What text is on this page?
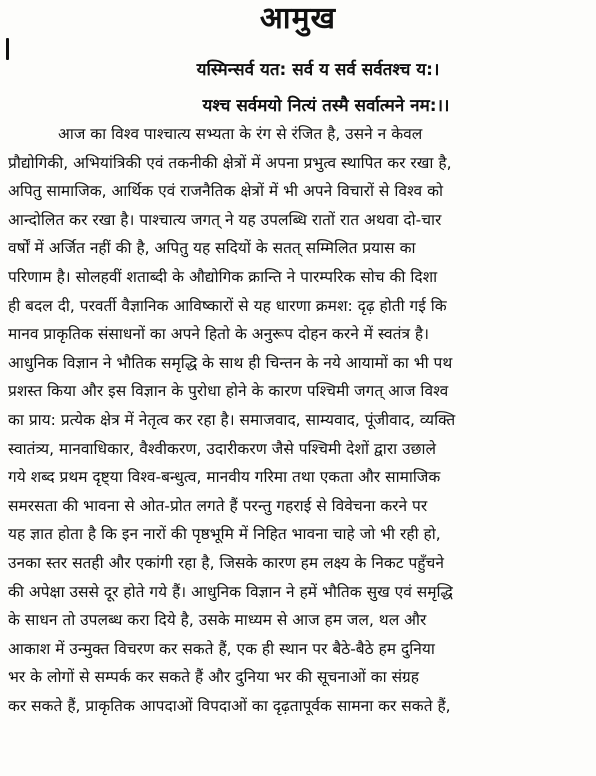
आमुख
यस्मिन्सर्व यत: सर्व य सर्व सर्वतश्च य:।
यश्च सर्वमयो नित्यं तस्मै सर्वात्मने नम:।।
आज का विश्व पाश्चात्य सभ्यता के रंग से रंजित है, उसने न केवल
प्रौद्योगिकी, अभियांत्रिकी एवं तकनीकी क्षेत्रों में अपना प्रभुत्व स्थापित कर रखा है,
अपितु सामाजिक, आर्थिक एवं राजनैतिक क्षेत्रों में भी अपने विचारों से विश्व को
आन्दोलित कर रखा है। पाश्चात्य जगत् ने यह उपलब्धि रातों रात अथवा दो-चार
वर्षों में अर्जित नहीं की है, अपितु यह सदियों के सतत् सम्मिलित प्रयास का
परिणाम है। सोलहवीं शताब्दी के औद्योगिक क्रान्ति ने पारम्परिक सोच की दिशा
ही बदल दी, परवर्ती वैज्ञानिक आविष्कारों से यह धारणा क्रमश: दृढ़ होती गई कि
मानव प्राकृतिक संसाधनों का अपने हितो के अनुरूप दोहन करने में स्वतंत्र है।
आधुनिक विज्ञान ने भौतिक समृद्धि के साथ ही चिन्तन के नये आयामों का भी पथ
प्रशस्त किया और इस विज्ञान के पुरोधा होने के कारण पश्चिमी जगत् आज विश्व
का प्राय: प्रत्येक क्षेत्र में नेतृत्व कर रहा है। समाजवाद, साम्यवाद, पूंजीवाद, व्यक्ति
स्वातंत्र्य, मानवाधिकार, वैश्वीकरण, उदारीकरण जैसे पश्चिमी देशों द्वारा उछाले
गये शब्द प्रथम दृष्ट्या विश्व-बन्धुत्व, मानवीय गरिमा तथा एकता और सामाजिक
समरसता की भावना से ओत-प्रोत लगते हैं परन्तु गहराई से विवेचना करने पर
यह ज्ञात होता है कि इन नारों की पृष्ठभूमि में निहित भावना चाहे जो भी रही हो,
उनका स्तर सतही और एकांगी रहा है, जिसके कारण हम लक्ष्य के निकट पहुँचने
की अपेक्षा उससे दूर होते गये हैं। आधुनिक विज्ञान ने हमें भौतिक सुख एवं समृद्धि
के साधन तो उपलब्ध करा दिये है, उसके माध्यम से आज हम जल, थल और
आकाश में उन्मुक्त विचरण कर सकते हैं, एक ही स्थान पर बैठे-बैठे हम दुनिया
भर के लोगों से सम्पर्क कर सकते हैं और दुनिया भर की सूचनाओं का संग्रह
कर सकते हैं, प्राकृतिक आपदाओं विपदाओं का दृढ़तापूर्वक सामना कर सकते हैं,
